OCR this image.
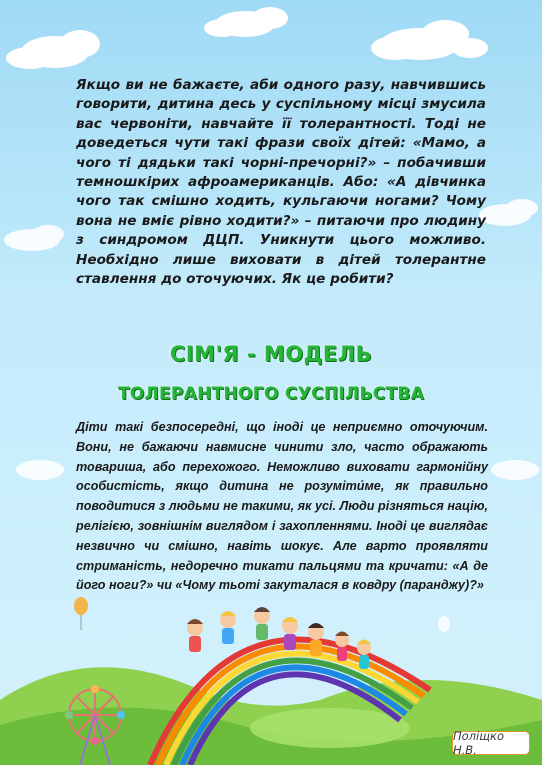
Якщо ви не бажаєте, аби одного разу, навчившись говорити, дитина десь у суспільному місці змусила вас червоніти, навчайте її толерантності. Тоді не доведеться чути такі фрази своїх дітей: «Мамо, а чого ті дядьки такі чорні-пречорні?» – побачивши темношкірих афроамериканців. Або: «А дівчинка чого так смішно ходить, кульгаючи ногами? Чому вона не вміє рівно ходити?» – питаючи про людину з синдромом ДЦП. Уникнути цього можливо. Необхідно лише виховати в дітей толерантне ставлення до оточуючих. Як це робити?

СІМ'Я - МОДЕЛЬ
ТОЛЕРАНТНОГО СУСПІЛЬСТВА

Діти такі безпосередні, що іноді це неприємно оточуючим. Вони, не бажаючи навмисне чинити зло, часто ображають товариша, або перехожого. Неможливо виховати гармонійну особистість, якщо дитина не розуміти́ме, як правильно поводитися з людьми не такими, як усі. Люди різняться націю, релігією, зовнішнім виглядом і захопленнями. Іноді це виглядає незвично чи смішно, навіть шокує. Але варто проявляти стриманість, недоречно тикати пальцями та кричати: «А де його ноги?» чи «Чому тьоті закуталася в ковдру (паранджу)?»

Поліщко Н.В.
